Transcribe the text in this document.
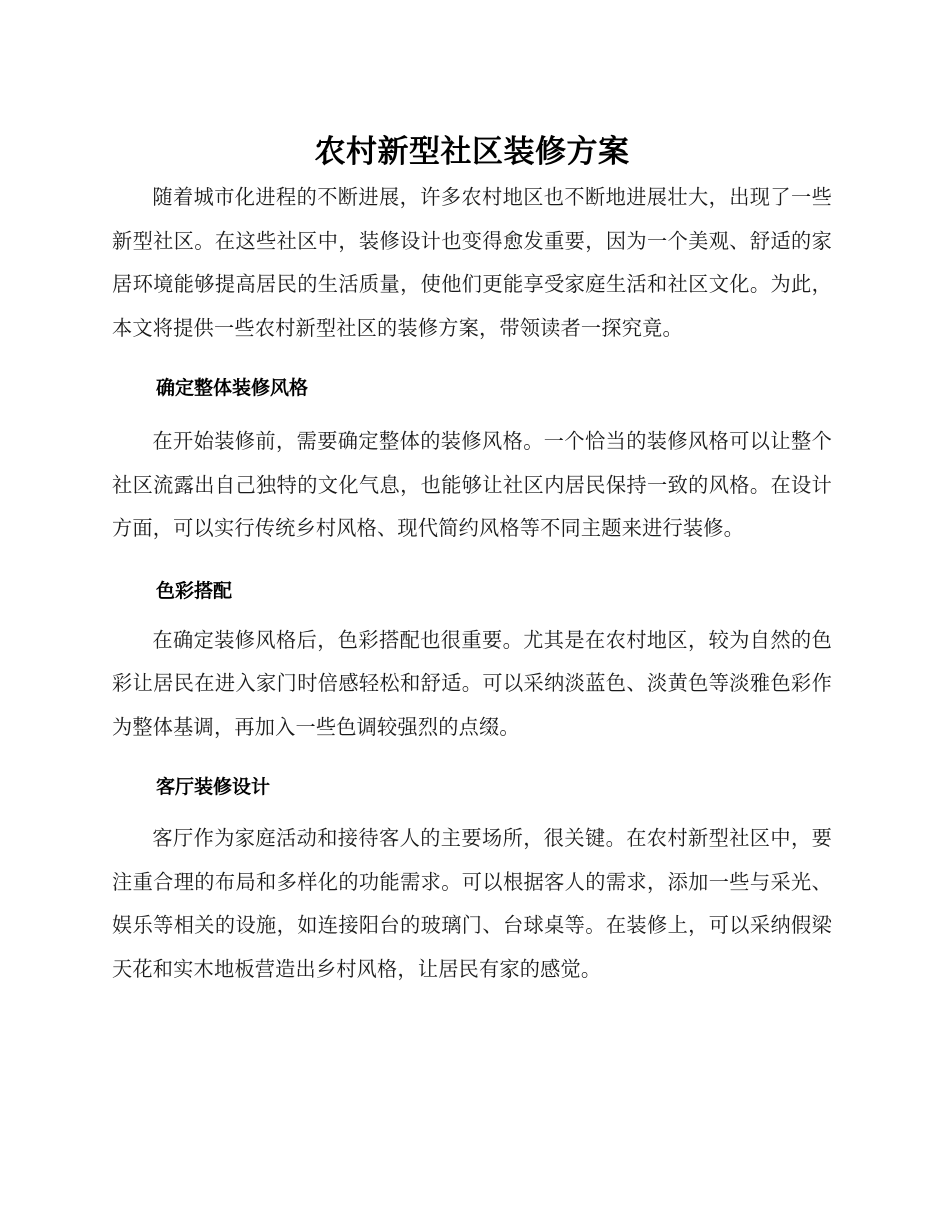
农村新型社区装修方案

随着城市化进程的不断进展，许多农村地区也不断地进展壮大，出现了一些新型社区。在这些社区中，装修设计也变得愈发重要，因为一个美观、舒适的家居环境能够提高居民的生活质量，使他们更能享受家庭生活和社区文化。为此，本文将提供一些农村新型社区的装修方案，带领读者一探究竟。

确定整体装修风格

在开始装修前，需要确定整体的装修风格。一个恰当的装修风格可以让整个社区流露出自己独特的文化气息，也能够让社区内居民保持一致的风格。在设计方面，可以实行传统乡村风格、现代简约风格等不同主题来进行装修。

色彩搭配

在确定装修风格后，色彩搭配也很重要。尤其是在农村地区，较为自然的色彩让居民在进入家门时倍感轻松和舒适。可以采纳淡蓝色、淡黄色等淡雅色彩作为整体基调，再加入一些色调较强烈的点缀。

客厅装修设计

客厅作为家庭活动和接待客人的主要场所，很关键。在农村新型社区中，要注重合理的布局和多样化的功能需求。可以根据客人的需求，添加一些与采光、娱乐等相关的设施，如连接阳台的玻璃门、台球桌等。在装修上，可以采纳假梁天花和实木地板营造出乡村风格，让居民有家的感觉。
